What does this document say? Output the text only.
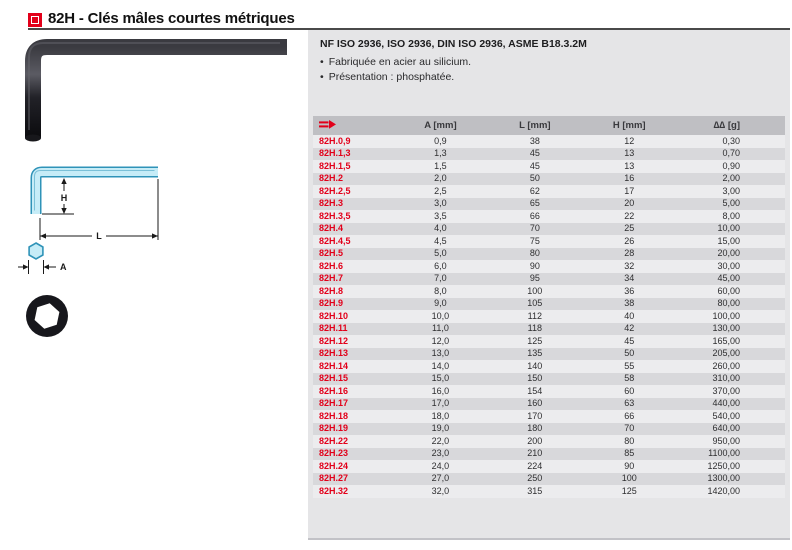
82H - Clés mâles courtes métriques
H
L
A
NF ISO 2936, ISO 2936, DIN ISO 2936, ASME B18.3.2M
• Fabriquée en acier au silicium.
• Présentation : phosphatée.
	A [mm]	L [mm]	H [mm]	∆∆ [g]
82H.0,9	0,9	38	12	0,30
82H.1,3	1,3	45	13	0,70
82H.1,5	1,5	45	13	0,90
82H.2	2,0	50	16	2,00
82H.2,5	2,5	62	17	3,00
82H.3	3,0	65	20	5,00
82H.3,5	3,5	66	22	8,00
82H.4	4,0	70	25	10,00
82H.4,5	4,5	75	26	15,00
82H.5	5,0	80	28	20,00
82H.6	6,0	90	32	30,00
82H.7	7,0	95	34	45,00
82H.8	8,0	100	36	60,00
82H.9	9,0	105	38	80,00
82H.10	10,0	112	40	100,00
82H.11	11,0	118	42	130,00
82H.12	12,0	125	45	165,00
82H.13	13,0	135	50	205,00
82H.14	14,0	140	55	260,00
82H.15	15,0	150	58	310,00
82H.16	16,0	154	60	370,00
82H.17	17,0	160	63	440,00
82H.18	18,0	170	66	540,00
82H.19	19,0	180	70	640,00
82H.22	22,0	200	80	950,00
82H.23	23,0	210	85	1100,00
82H.24	24,0	224	90	1250,00
82H.27	27,0	250	100	1300,00
82H.32	32,0	315	125	1420,00
